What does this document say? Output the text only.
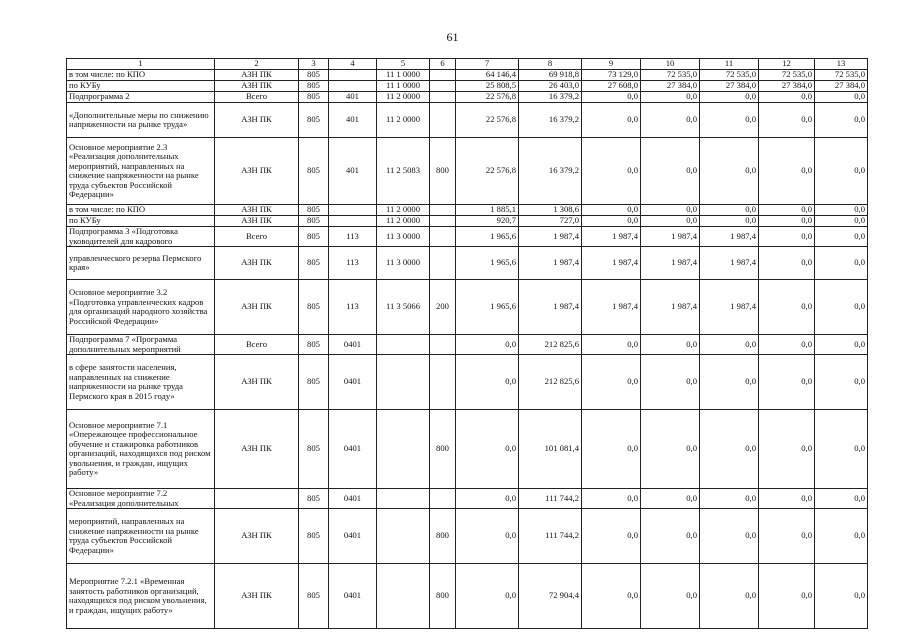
61
1	2	3	4	5	6	7	8	9	10	11	12	13
в том числе: по КПО	АЗН ПК	805		11 1 0000		64 146,4	69 918,8	73 129,0	72 535,0	72 535,0	72 535,0	72 535,0
по КУБу	АЗН ПК	805		11 1 0000		25 808,5	26 403,0	27 608,0	27 384,0	27 384,0	27 384,0	27 384,0
Подпрограмма 2	Всего	805	401	11 2 0000		22 576,8	16 379,2	0,0	0,0	0,0	0,0	0,0
«Дополнительные меры по снижению напряженности на рынке труда»	АЗН ПК	805	401	11 2 0000		22 576,8	16 379,2	0,0	0,0	0,0	0,0	0,0
Основное мероприятие 2.3 «Реализация дополнительных мероприятий, направленных на снижение напряженности на рынке труда субъектов Российской Федерации»	АЗН ПК	805	401	11 2 5083	800	22 576,8	16 379,2	0,0	0,0	0,0	0,0	0,0
в том числе: по КПО	АЗН ПК	805		11 2 0000		1 885,1	1 308,6	0,0	0,0	0,0	0,0	0,0
по КУБу	АЗН ПК	805		11 2 0000		920,7	727,0	0,0	0,0	0,0	0,0	0,0
Подпрограмма 3 «Подготовка
уководителей для кадрового	Всего	805	113	11 3 0000		1 965,6	1 987,4	1 987,4	1 987,4	1 987,4	0,0	0,0
управленческого резерва Пермского края»	АЗН ПК	805	113	11 3 0000		1 965,6	1 987,4	1 987,4	1 987,4	1 987,4	0,0	0,0
Основное мероприятие 3.2 «Подготовка управленческих кадров для организаций народного хозяйства Российской Федерации»	АЗН ПК	805	113	11 3 5066	200	1 965,6	1 987,4	1 987,4	1 987,4	1 987,4	0,0	0,0
Подпрограмма 7 «Программа
дополнительных мероприятий	Всего	805	0401			0,0	212 825,6	0,0	0,0	0,0	0,0	0,0
в сфере занятости населения, направленных на снижение напряженности на рынке труда Пермского края в 2015 году»	АЗН ПК	805	0401			0,0	212 825,6	0,0	0,0	0,0	0,0	0,0
Основное мероприятие 7.1 «Опережающее профессиональное обучение и стажировка работников организаций, находящихся под риском увольнения, и граждан, ищущих работу»	АЗН ПК	805	0401		800	0,0	101 081,4	0,0	0,0	0,0	0,0	0,0
Основное мероприятие 7.2
«Реализация дополнительных		805	0401			0,0	111 744,2	0,0	0,0	0,0	0,0	0,0
мероприятий, направленных на снижение напряженности на рынке труда субъектов Российской Федерации»	АЗН ПК	805	0401		800	0,0	111 744,2	0,0	0,0	0,0	0,0	0,0
Мероприятие 7.2.1 «Временная занятость работников организаций, находящихся под риском увольнения, и граждан, ищущих работу»	АЗН ПК	805	0401		800	0,0	72 904,4	0,0	0,0	0,0	0,0	0,0
